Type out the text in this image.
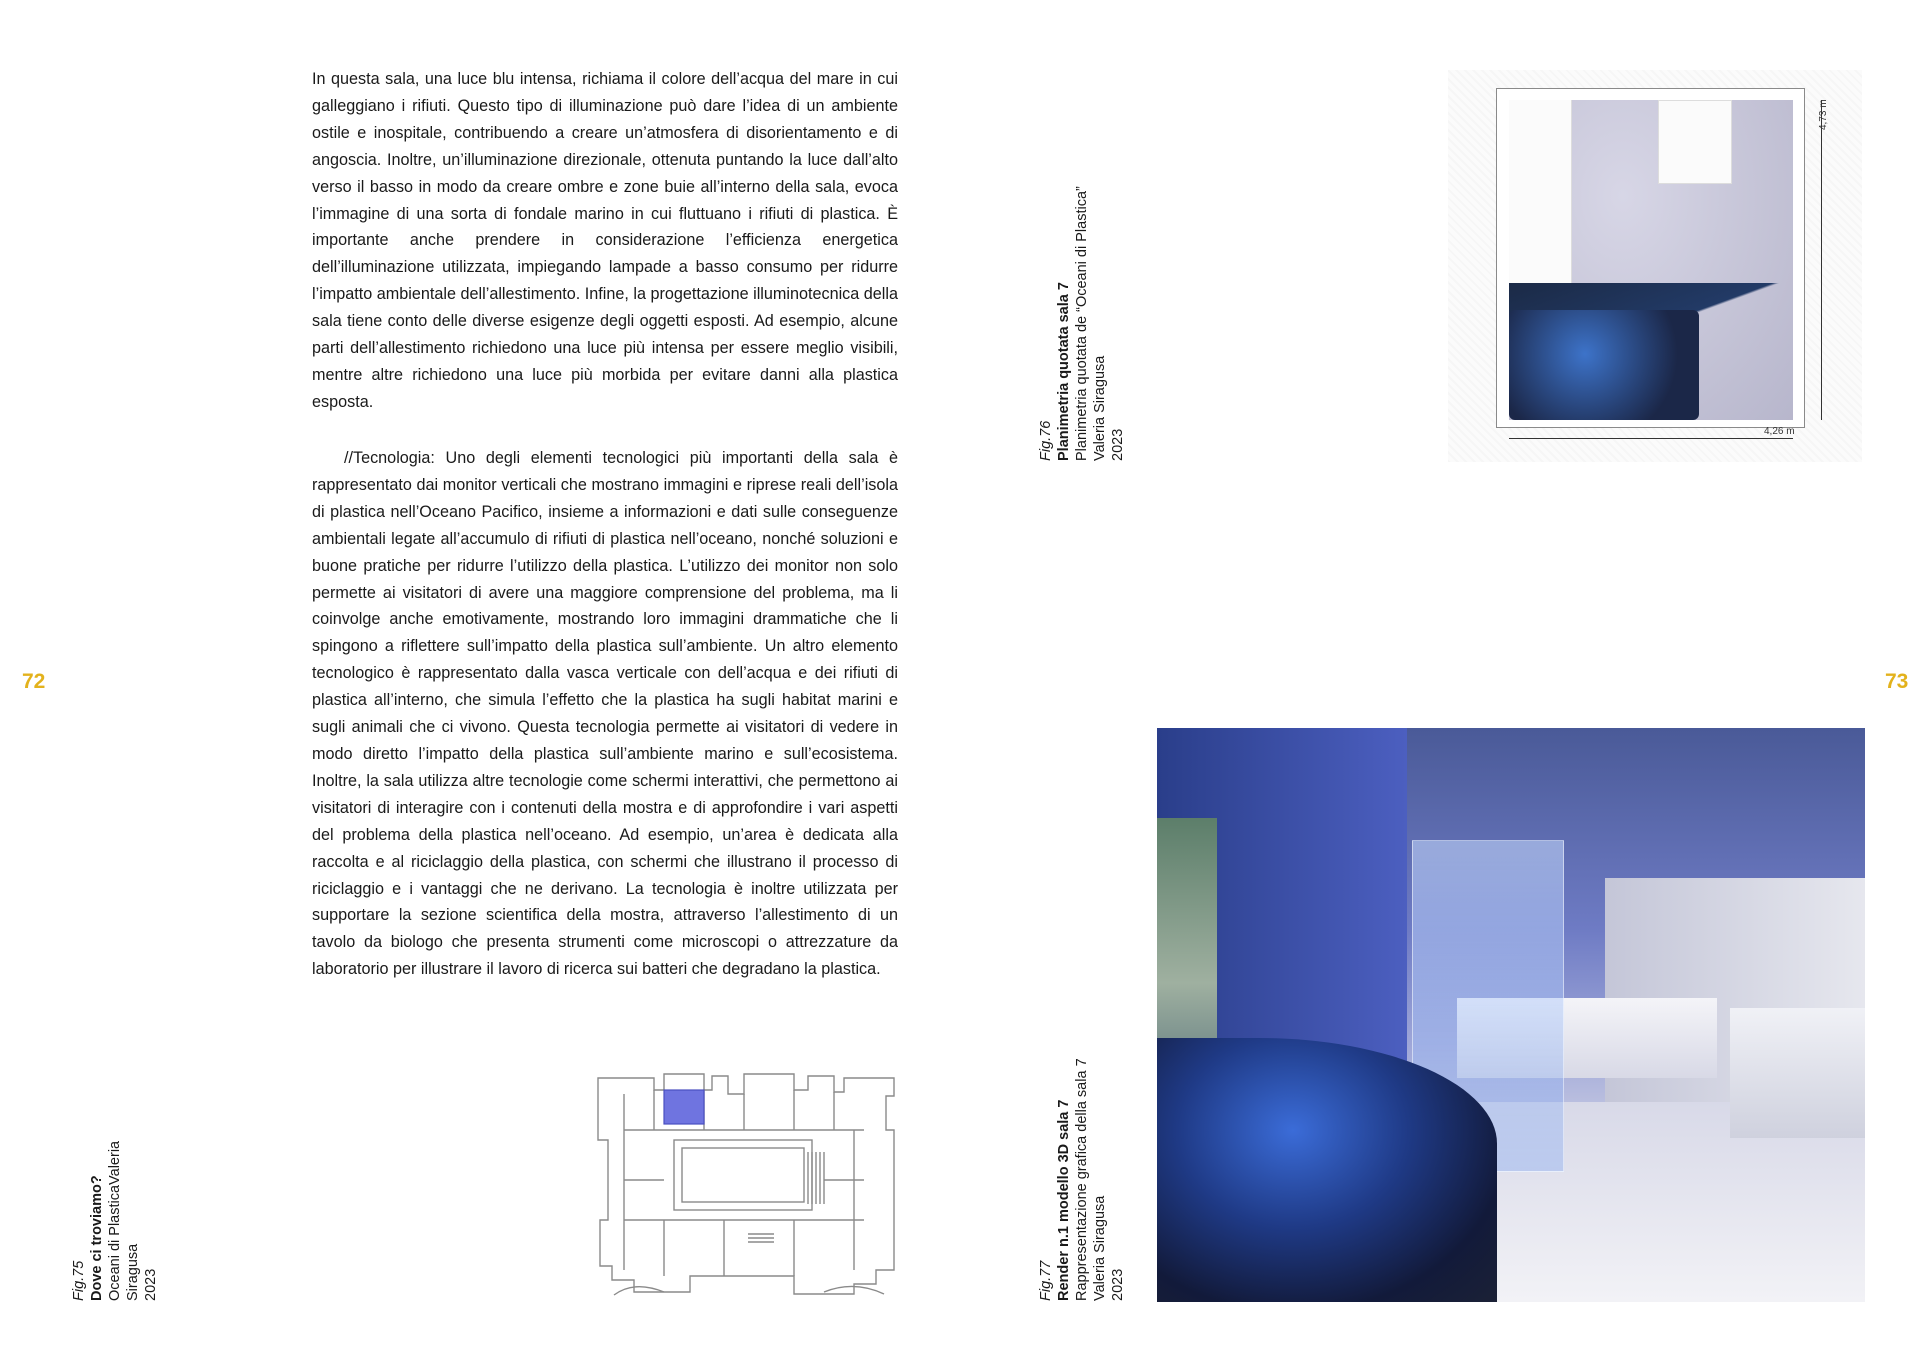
72	73

In questa sala, una luce blu intensa, richiama il colore dell’acqua del mare in cui galleggiano i rifiuti. Questo tipo di illuminazione può dare l’idea di un ambiente ostile e inospitale, contribuendo a creare un’atmosfera di disorientamento e di angoscia. Inoltre, un’illuminazione direzionale, ottenuta puntando la luce dall’alto verso il basso in modo da creare ombre e zone buie all’interno della sala, evoca l’immagine di una sorta di fondale marino in cui fluttuano i rifiuti di plastica. È importante anche prendere in considerazione l’efficienza energetica dell’illuminazione utilizzata, impiegando lampade a basso consumo per ridurre l’impatto ambientale dell’allestimento. Infine, la progettazione illuminotecnica della sala tiene conto delle diverse esigenze degli oggetti esposti. Ad esempio, alcune parti dell’allestimento richiedono una luce più intensa per essere meglio visibili, mentre altre richiedono una luce più morbida per evitare danni alla plastica esposta.

//Tecnologia: Uno degli elementi tecnologici più importanti della sala è rappresentato dai monitor verticali che mostrano immagini e riprese reali dell’isola di plastica nell’Oceano Pacifico, insieme a informazioni e dati sulle conseguenze ambientali legate all’accumulo di rifiuti di plastica nell’oceano, nonché soluzioni e buone pratiche per ridurre l’utilizzo della plastica. L’utilizzo dei monitor non solo permette ai visitatori di avere una maggiore comprensione del problema, ma li coinvolge anche emotivamente, mostrando loro immagini drammatiche che li spingono a riflettere sull’impatto della plastica sull’ambiente. Un altro elemento tecnologico è rappresentato dalla vasca verticale con dell’acqua e dei rifiuti di plastica all’interno, che simula l’effetto che la plastica ha sugli habitat marini e sugli animali che ci vivono. Questa tecnologia permette ai visitatori di vedere in modo diretto l’impatto della plastica sull’ambiente marino e sull’ecosistema. Inoltre, la sala utilizza altre tecnologie come schermi interattivi, che permettono ai visitatori di interagire con i contenuti della mostra e di approfondire i vari aspetti del problema della plastica nell’oceano. Ad esempio, un’area è dedicata alla raccolta e al riciclaggio della plastica, con schermi che illustrano il processo di riciclaggio e i vantaggi che ne derivano. La tecnologia è inoltre utilizzata per supportare la sezione scientifica della mostra, attraverso l’allestimento di un tavolo da biologo che presenta strumenti come microscopi o attrezzature da laboratorio per illustrare il lavoro di ricerca sui batteri che degradano la plastica.

Fig.75 Dove ci troviamo? Oceani di PlasticaValeria Siragusa 2023
Fig.76 Planimetria quotata sala 7 Planimetria quotata de “Oceani di Plastica” Valeria Siragusa 2023
Fig.77 Render n.1 modello 3D sala 7 Rappresentazione grafica della sala 7 Valeria Siragusa 2023
4,26 m
4,73 m
